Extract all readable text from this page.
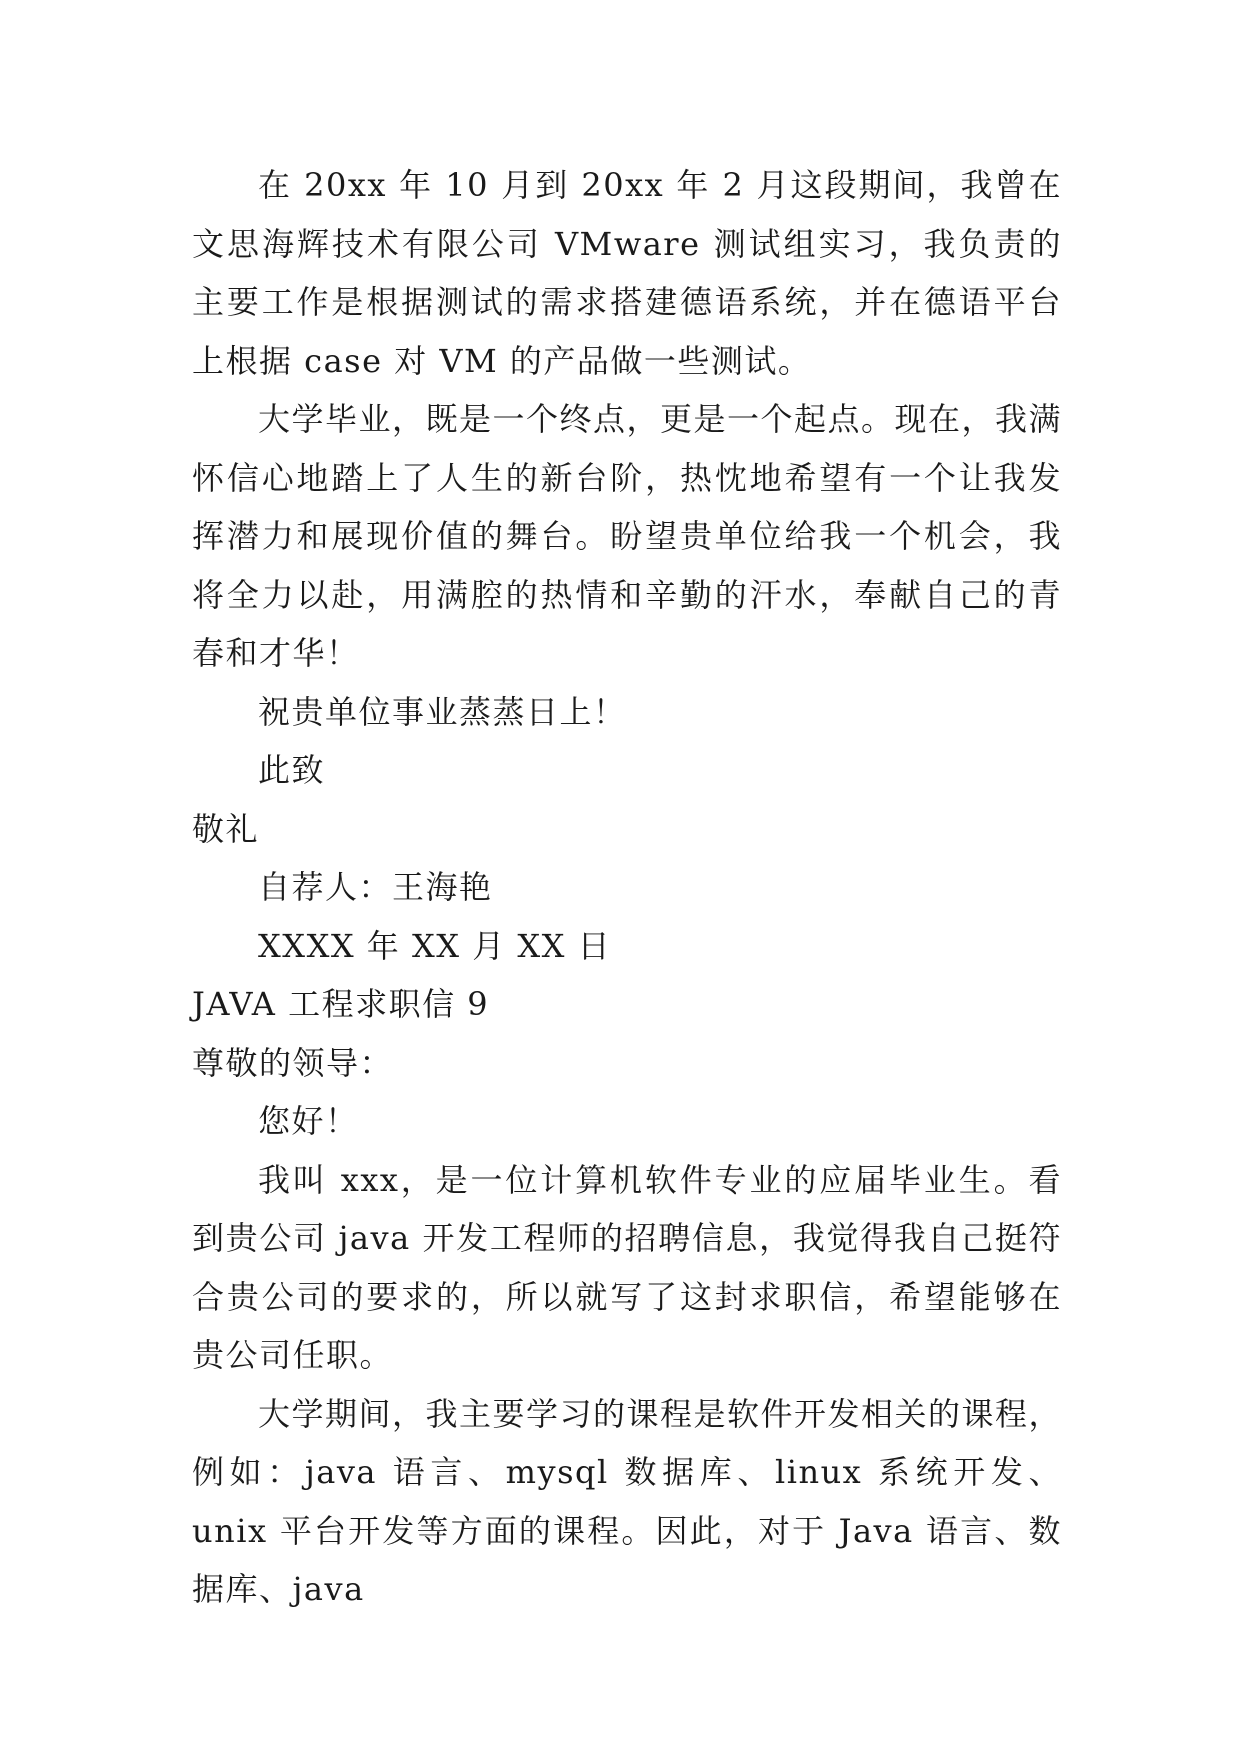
在 20xx 年 10 月到 20xx 年 2 月这段期间，我曾在文思海辉技术有限公司 VMware 测试组实习，我负责的主要工作是根据测试的需求搭建德语系统，并在德语平台上根据 case 对 VM 的产品做一些测试。

大学毕业，既是一个终点，更是一个起点。现在，我满怀信心地踏上了人生的新台阶，热忱地希望有一个让我发挥潜力和展现价值的舞台。盼望贵单位给我一个机会，我将全力以赴，用满腔的热情和辛勤的汗水，奉献自己的青春和才华！

祝贵单位事业蒸蒸日上！

此致

敬礼

自荐人：王海艳

XXXX 年 XX 月 XX 日

JAVA 工程求职信 9

尊敬的领导：

您好！

我叫 xxx，是一位计算机软件专业的应届毕业生。看到贵公司 java 开发工程师的招聘信息，我觉得我自己挺符合贵公司的要求的，所以就写了这封求职信，希望能够在贵公司任职。

大学期间，我主要学习的课程是软件开发相关的课程，例如：java 语言、mysql 数据库、linux 系统开发、unix 平台开发等方面的课程。因此，对于 Java 语言、数据库、java
